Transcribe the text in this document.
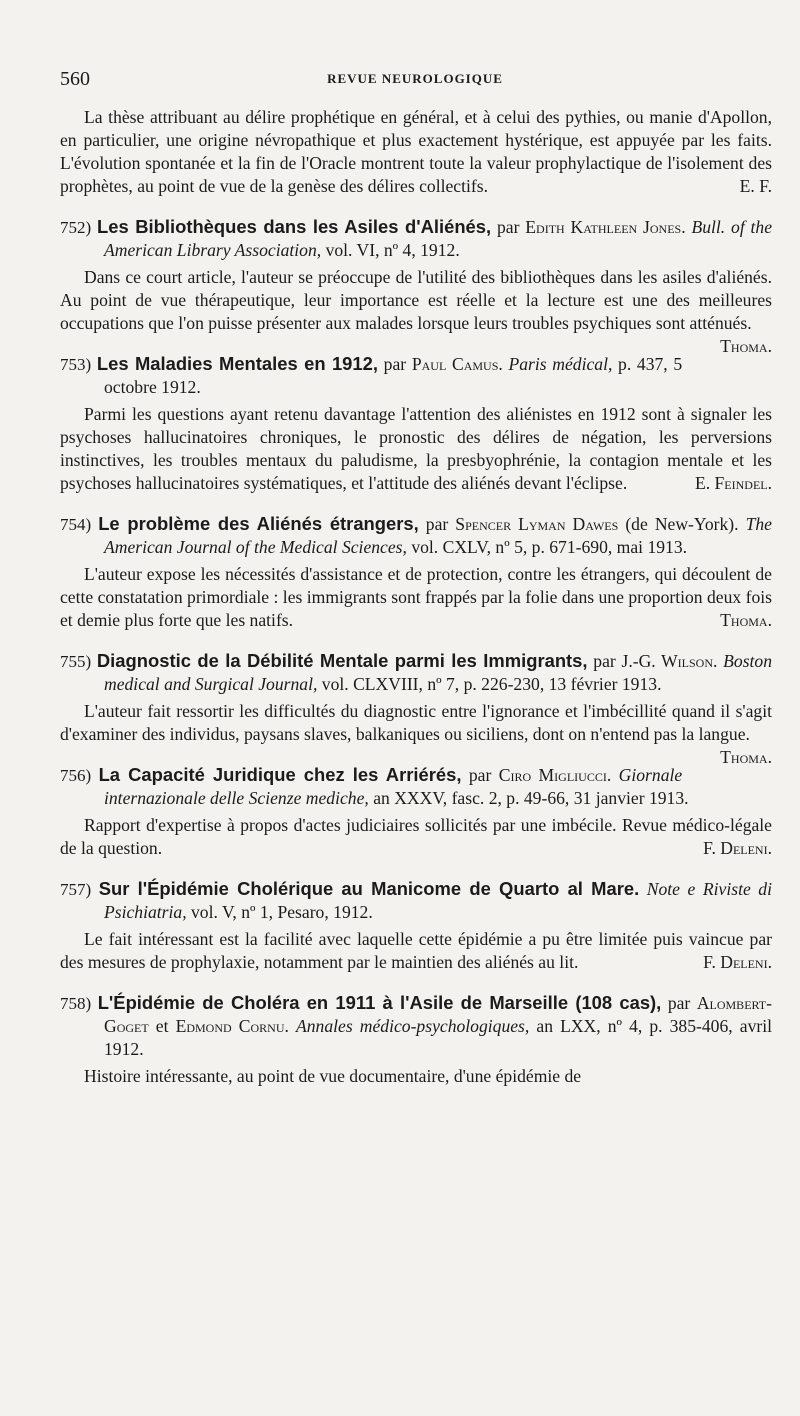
560	REVUE NEUROLOGIQUE

La thèse attribuant au délire prophétique en général, et à celui des pythies, ou manie d'Apollon, en particulier, une origine névropathique et plus exactement hystérique, est appuyée par les faits. L'évolution spontanée et la fin de l'Oracle montrent toute la valeur prophylactique de l'isolement des prophètes, au point de vue de la genèse des délires collectifs.	E. F.

752) Les Bibliothèques dans les Asiles d'Aliénés, par Edith Kathleen Jones. Bull. of the American Library Association, vol. VI, nº 4, 1912.

Dans ce court article, l'auteur se préoccupe de l'utilité des bibliothèques dans les asiles d'aliénés. Au point de vue thérapeutique, leur importance est réelle et la lecture est une des meilleures occupations que l'on puisse présenter aux malades lorsque leurs troubles psychiques sont atténués.
Thoma.

753) Les Maladies Mentales en 1912, par Paul Camus. Paris médical, p. 437, 5 octobre 1912.

Parmi les questions ayant retenu davantage l'attention des aliénistes en 1912 sont à signaler les psychoses hallucinatoires chroniques, le pronostic des délires de négation, les perversions instinctives, les troubles mentaux du paludisme, la presbyophrénie, la contagion mentale et les psychoses hallucinatoires systématiques, et l'attitude des aliénés devant l'éclipse.	E. Feindel.

754) Le problème des Aliénés étrangers, par Spencer Lyman Dawes (de New-York). The American Journal of the Medical Sciences, vol. CXLV, nº 5, p. 671-690, mai 1913.

L'auteur expose les nécessités d'assistance et de protection, contre les étrangers, qui découlent de cette constatation primordiale : les immigrants sont frappés par la folie dans une proportion deux fois et demie plus forte que les natifs.	Thoma.

755) Diagnostic de la Débilité Mentale parmi les Immigrants, par J.-G. Wilson. Boston medical and Surgical Journal, vol. CLXVIII, nº 7, p. 226-230, 13 février 1913.

L'auteur fait ressortir les difficultés du diagnostic entre l'ignorance et l'imbécillité quand il s'agit d'examiner des individus, paysans slaves, balkaniques ou siciliens, dont on n'entend pas la langue.
Thoma.

756) La Capacité Juridique chez les Arriérés, par Ciro Migliucci. Giornale internazionale delle Scienze mediche, an XXXV, fasc. 2, p. 49-66, 31 janvier 1913.

Rapport d'expertise à propos d'actes judiciaires sollicités par une imbécile. Revue médico-légale de la question.	F. Deleni.

757) Sur l'Épidémie Cholérique au Manicome de Quarto al Mare. Note e Riviste di Psichiatria, vol. V, nº 1, Pesaro, 1912.

Le fait intéressant est la facilité avec laquelle cette épidémie a pu être limitée puis vaincue par des mesures de prophylaxie, notamment par le maintien des aliénés au lit.	F. Deleni.

758) L'Épidémie de Choléra en 1911 à l'Asile de Marseille (108 cas), par Alombert-Goget et Edmond Cornu. Annales médico-psychologiques, an LXX, nº 4, p. 385-406, avril 1912.

Histoire intéressante, au point de vue documentaire, d'une épidémie de
